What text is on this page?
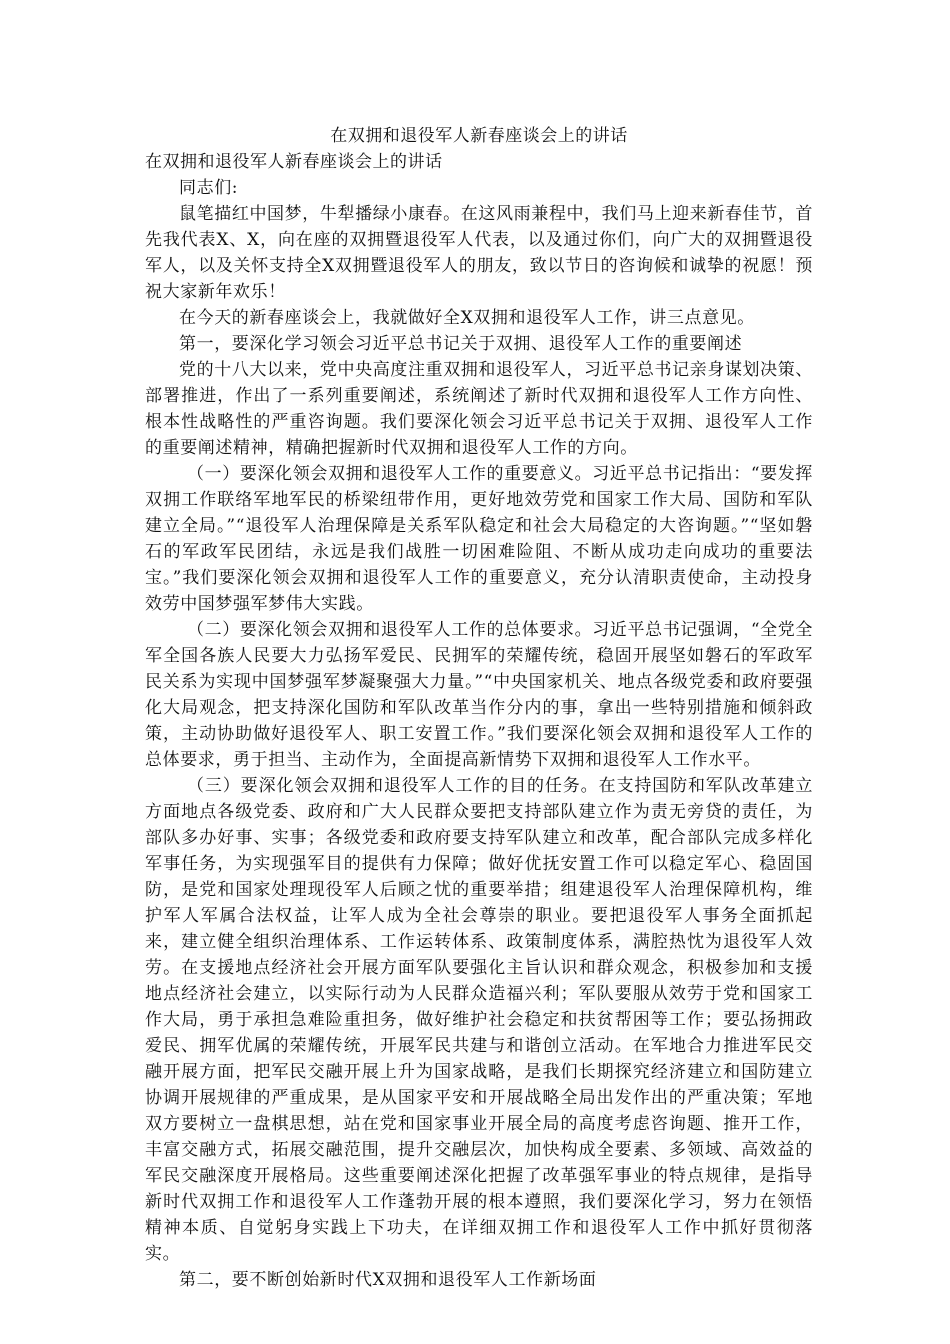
在双拥和退役军人新春座谈会上的讲话
在双拥和退役军人新春座谈会上的讲话

同志们:

鼠笔描红中国梦，牛犁播绿小康春。在这风雨兼程中，我们马上迎来新春佳节，首先我代表X、X，向在座的双拥暨退役军人代表，以及通过你们，向广大的双拥暨退役军人，以及关怀支持全X双拥暨退役军人的朋友，致以节日的咨询候和诚挚的祝愿！预祝大家新年欢乐！

在今天的新春座谈会上，我就做好全X双拥和退役军人工作，讲三点意见。

第一，要深化学习领会习近平总书记关于双拥、退役军人工作的重要阐述

党的十八大以来，党中央高度注重双拥和退役军人，习近平总书记亲身谋划决策、部署推进，作出了一系列重要阐述，系统阐述了新时代双拥和退役军人工作方向性、根本性战略性的严重咨询题。我们要深化领会习近平总书记关于双拥、退役军人工作的重要阐述精神，精确把握新时代双拥和退役军人工作的方向。

（一）要深化领会双拥和退役军人工作的重要意义。习近平总书记指出：“要发挥双拥工作联络军地军民的桥梁纽带作用，更好地效劳党和国家工作大局、国防和军队建立全局。”“退役军人治理保障是关系军队稳定和社会大局稳定的大咨询题。”“坚如磐石的军政军民团结，永远是我们战胜一切困难险阻、不断从成功走向成功的重要法宝。”我们要深化领会双拥和退役军人工作的重要意义，充分认清职责使命，主动投身效劳中国梦强军梦伟大实践。

（二）要深化领会双拥和退役军人工作的总体要求。习近平总书记强调，“全党全军全国各族人民要大力弘扬军爱民、民拥军的荣耀传统，稳固开展坚如磐石的军政军民关系为实现中国梦强军梦凝聚强大力量。”“中央国家机关、地点各级党委和政府要强化大局观念，把支持深化国防和军队改革当作分内的事，拿出一些特别措施和倾斜政策，主动协助做好退役军人、职工安置工作。”我们要深化领会双拥和退役军人工作的总体要求，勇于担当、主动作为，全面提高新情势下双拥和退役军人工作水平。

（三）要深化领会双拥和退役军人工作的目的任务。在支持国防和军队改革建立方面地点各级党委、政府和广大人民群众要把支持部队建立作为责无旁贷的责任，为部队多办好事、实事；各级党委和政府要支持军队建立和改革，配合部队完成多样化军事任务，为实现强军目的提供有力保障；做好优抚安置工作可以稳定军心、稳固国防，是党和国家处理现役军人后顾之忧的重要举措；组建退役军人治理保障机构，维护军人军属合法权益，让军人成为全社会尊崇的职业。要把退役军人事务全面抓起来，建立健全组织治理体系、工作运转体系、政策制度体系，满腔热忱为退役军人效劳。在支援地点经济社会开展方面军队要强化主旨认识和群众观念，积极参加和支援地点经济社会建立，以实际行动为人民群众造福兴利；军队要服从效劳于党和国家工作大局，勇于承担急难险重担务，做好维护社会稳定和扶贫帮困等工作；要弘扬拥政爱民、拥军优属的荣耀传统，开展军民共建与和谐创立活动。在军地合力推进军民交融开展方面，把军民交融开展上升为国家战略，是我们长期探究经济建立和国防建立协调开展规律的严重成果，是从国家平安和开展战略全局出发作出的严重决策；军地双方要树立一盘棋思想，站在党和国家事业开展全局的高度考虑咨询题、推开工作，丰富交融方式，拓展交融范围，提升交融层次，加快构成全要素、多领域、高效益的军民交融深度开展格局。这些重要阐述深化把握了改革强军事业的特点规律，是指导新时代双拥工作和退役军人工作蓬勃开展的根本遵照，我们要深化学习，努力在领悟精神本质、自觉躬身实践上下功夫，在详细双拥工作和退役军人工作中抓好贯彻落实。

第二，要不断创始新时代X双拥和退役军人工作新场面
